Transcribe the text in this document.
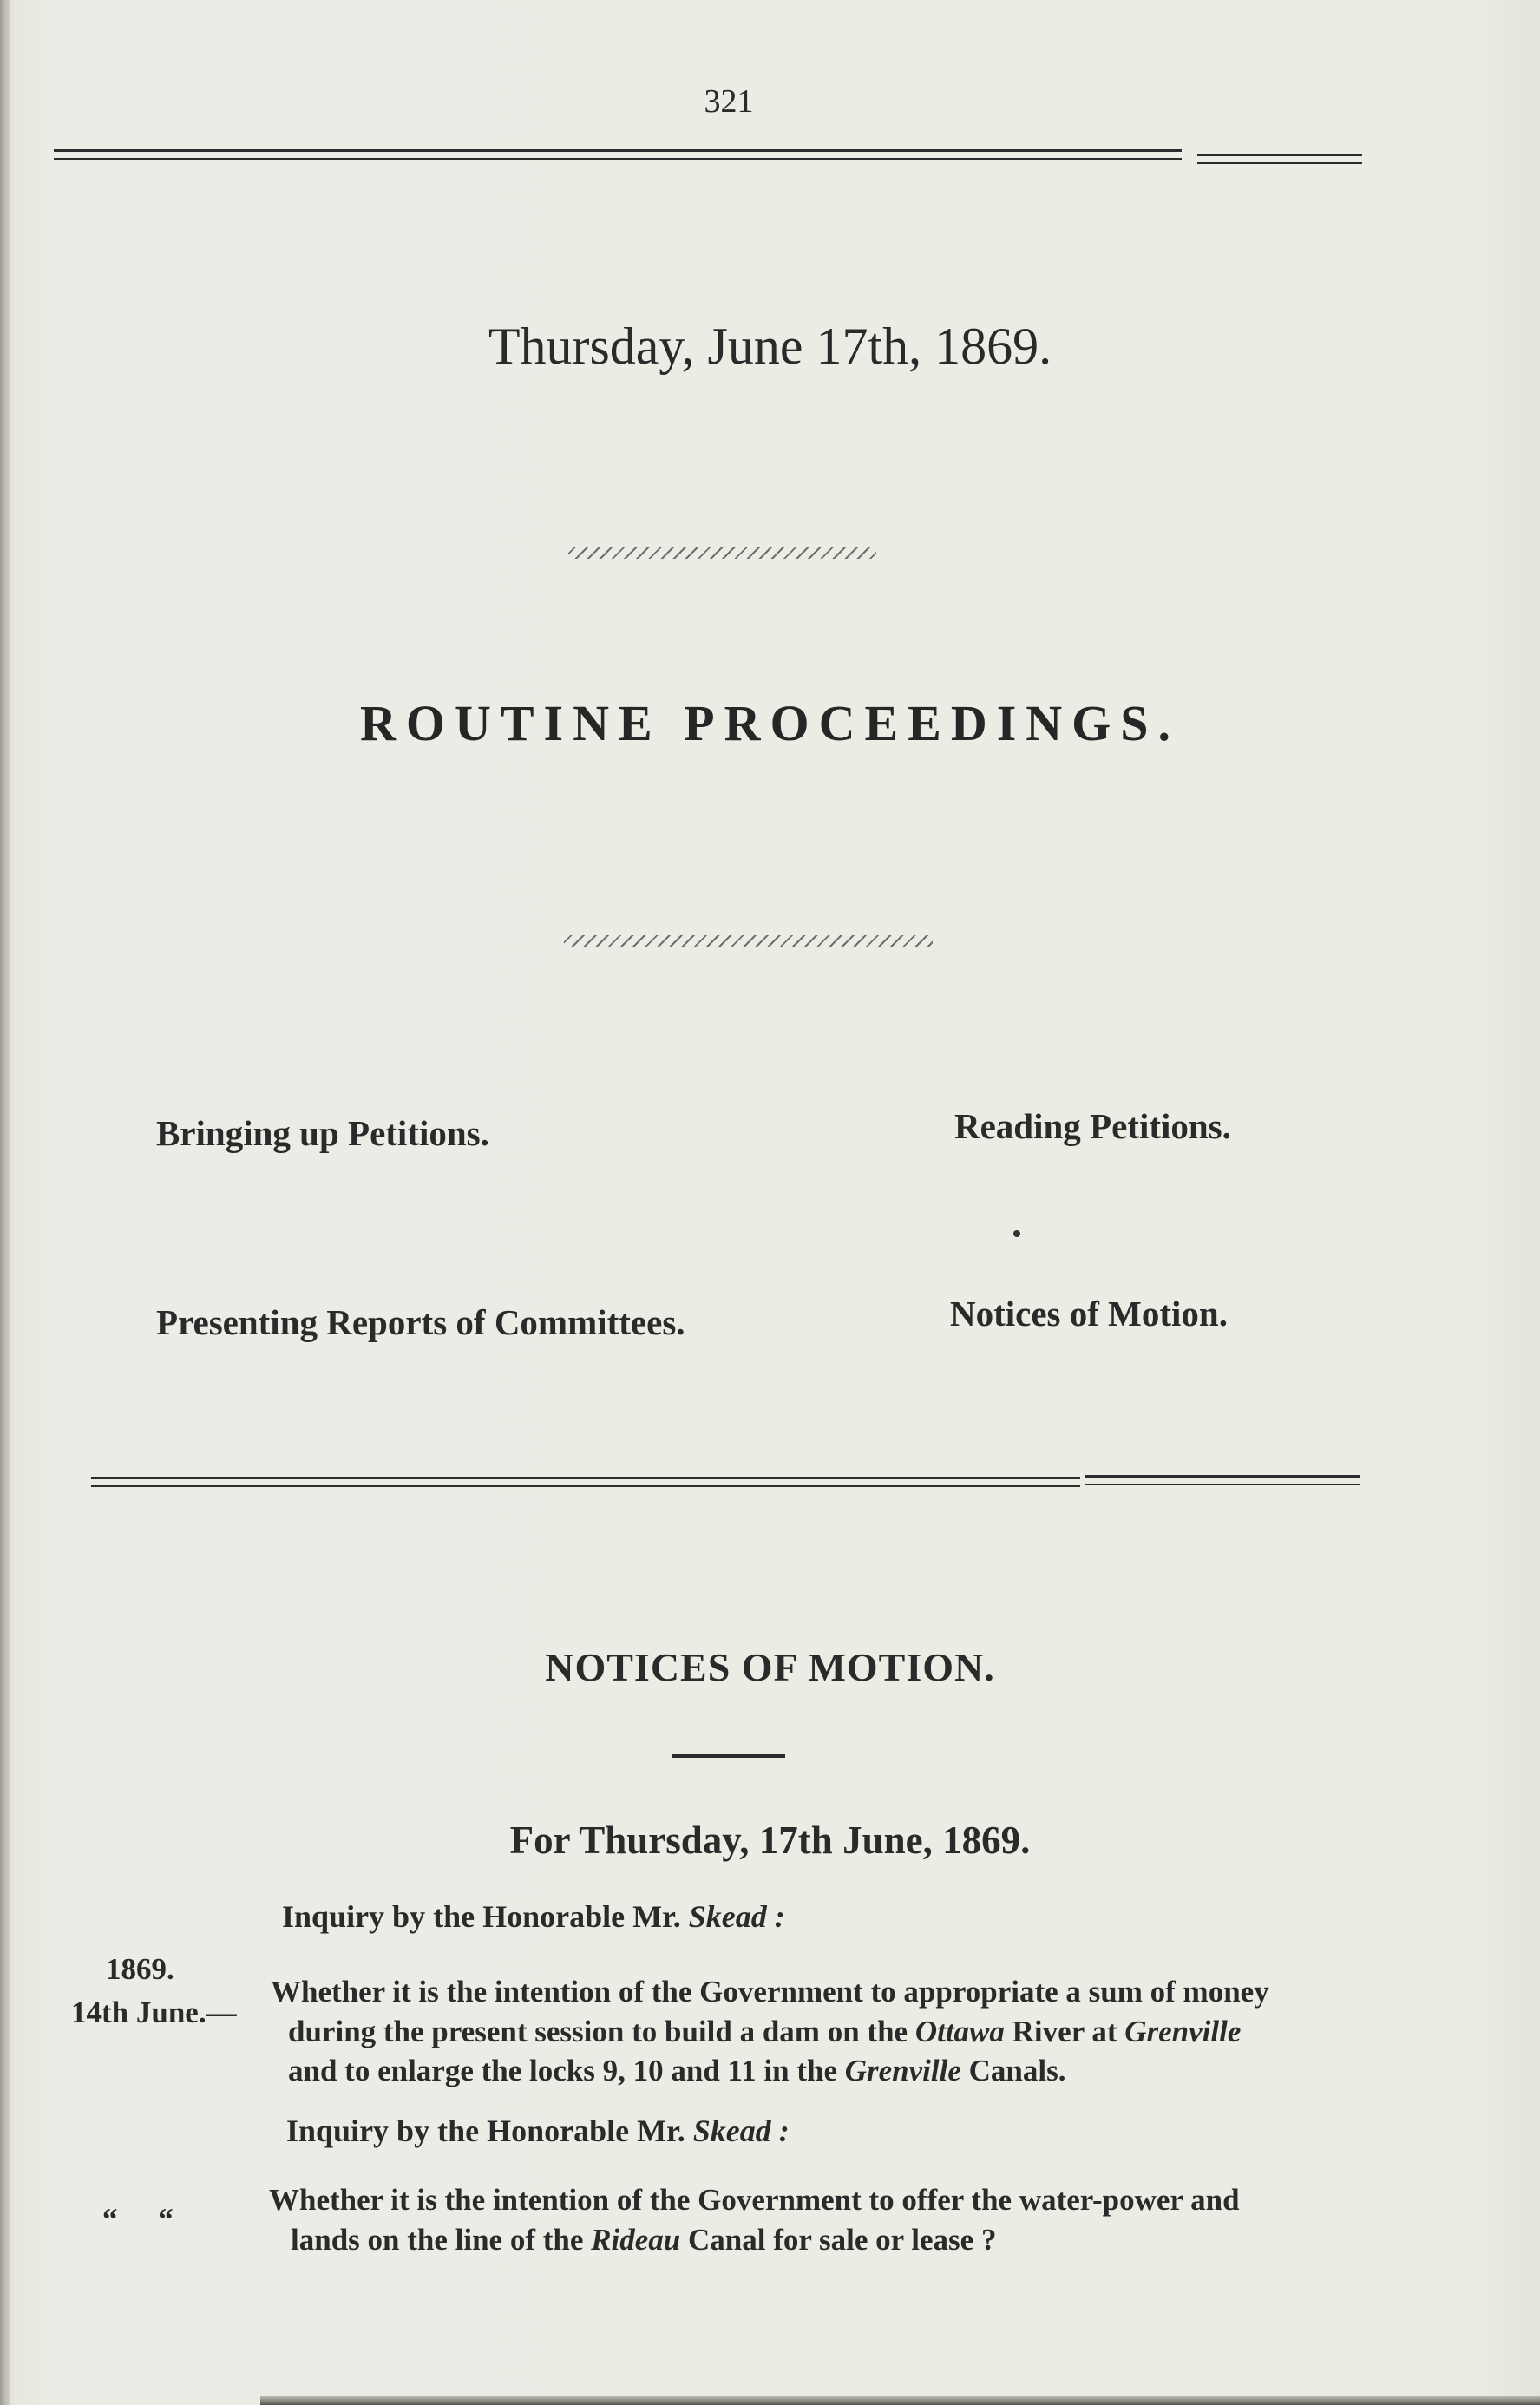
321
Thursday, June 17th, 1869.
ROUTINE PROCEEDINGS.
Bringing up Petitions.	Reading Petitions.
Presenting Reports of Committees.	Notices of Motion.
NOTICES OF MOTION.
For Thursday, 17th June, 1869.
Inquiry by the Honorable Mr. Skead :
1869.
14th June.—
Whether it is the intention of the Government to appropriate a sum of money
during the present session to build a dam on the Ottawa River at Grenville
and to enlarge the locks 9, 10 and 11 in the Grenville Canals.
Inquiry by the Honorable Mr. Skead :
“ “
Whether it is the intention of the Government to offer the water-power and
lands on the line of the Rideau Canal for sale or lease ?
